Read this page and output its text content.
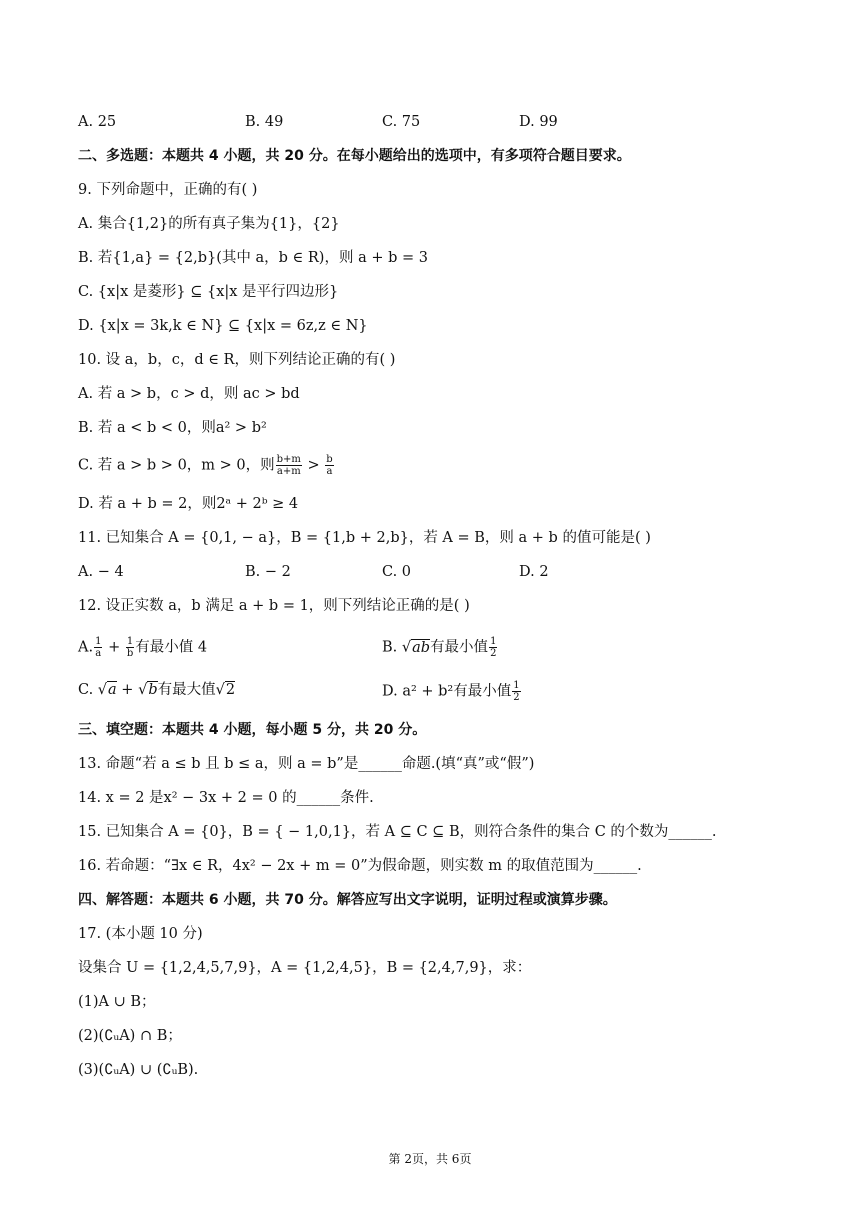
A. 25	B. 49	C. 75	D. 99
二、多选题：本题共 4 小题，共 20 分。在每小题给出的选项中，有多项符合题目要求。
9. 下列命题中，正确的有( )
A. 集合{1,2}的所有真子集为{1}，{2}
B. 若{1,a} = {2,b}(其中 a，b ∈ R)，则 a + b = 3
C. {x|x 是菱形} ⊆ {x|x 是平行四边形}
D. {x|x = 3k,k ∈ N} ⊆ {x|x = 6z,z ∈ N}
10. 设 a，b，c，d ∈ R，则下列结论正确的有( )
A. 若 a > b，c > d，则 ac > bd
B. 若 a < b < 0，则a² > b²
C. 若 a > b > 0，m > 0，则 $\frac{b+m}{a+m} > \frac{b}{a}$
D. 若 a + b = 2，则2ᵃ + 2ᵇ ≥ 4
11. 已知集合 A = {0,1, − a}，B = {1,b + 2,b}，若 A = B，则 a + b 的值可能是( )
A. − 4	B. − 2	C. 0	D. 2
12. 设正实数 a，b 满足 a + b = 1，则下列结论正确的是( )
A. $\frac{1}{a} + \frac{1}{b}$ 有最小值 4	B. √ab有最小值 $\frac{1}{2}$
C. √a + √b有最大值√2	D. a² + b²有最小值 $\frac{1}{2}$
三、填空题：本题共 4 小题，每小题 5 分，共 20 分。
13. 命题“若 a ≤ b 且 b ≤ a，则 a = b”是______命题.(填“真”或“假”)
14. x = 2 是x² − 3x + 2 = 0 的______条件.
15. 已知集合 A = {0}，B = { − 1,0,1}，若 A ⊆ C ⊆ B，则符合条件的集合 C 的个数为______.
16. 若命题：“∃x ∈ R，4x² − 2x + m = 0”为假命题，则实数 m 的取值范围为______.
四、解答题：本题共 6 小题，共 70 分。解答应写出文字说明，证明过程或演算步骤。
17. (本小题 10 分)
设集合 U = {1,2,4,5,7,9}，A = {1,2,4,5}，B = {2,4,7,9}，求：
(1)A ∪ B；
(2)(∁ᵤA) ∩ B；
(3)(∁ᵤA) ∪ (∁ᵤB).
第 2页，共 6页
